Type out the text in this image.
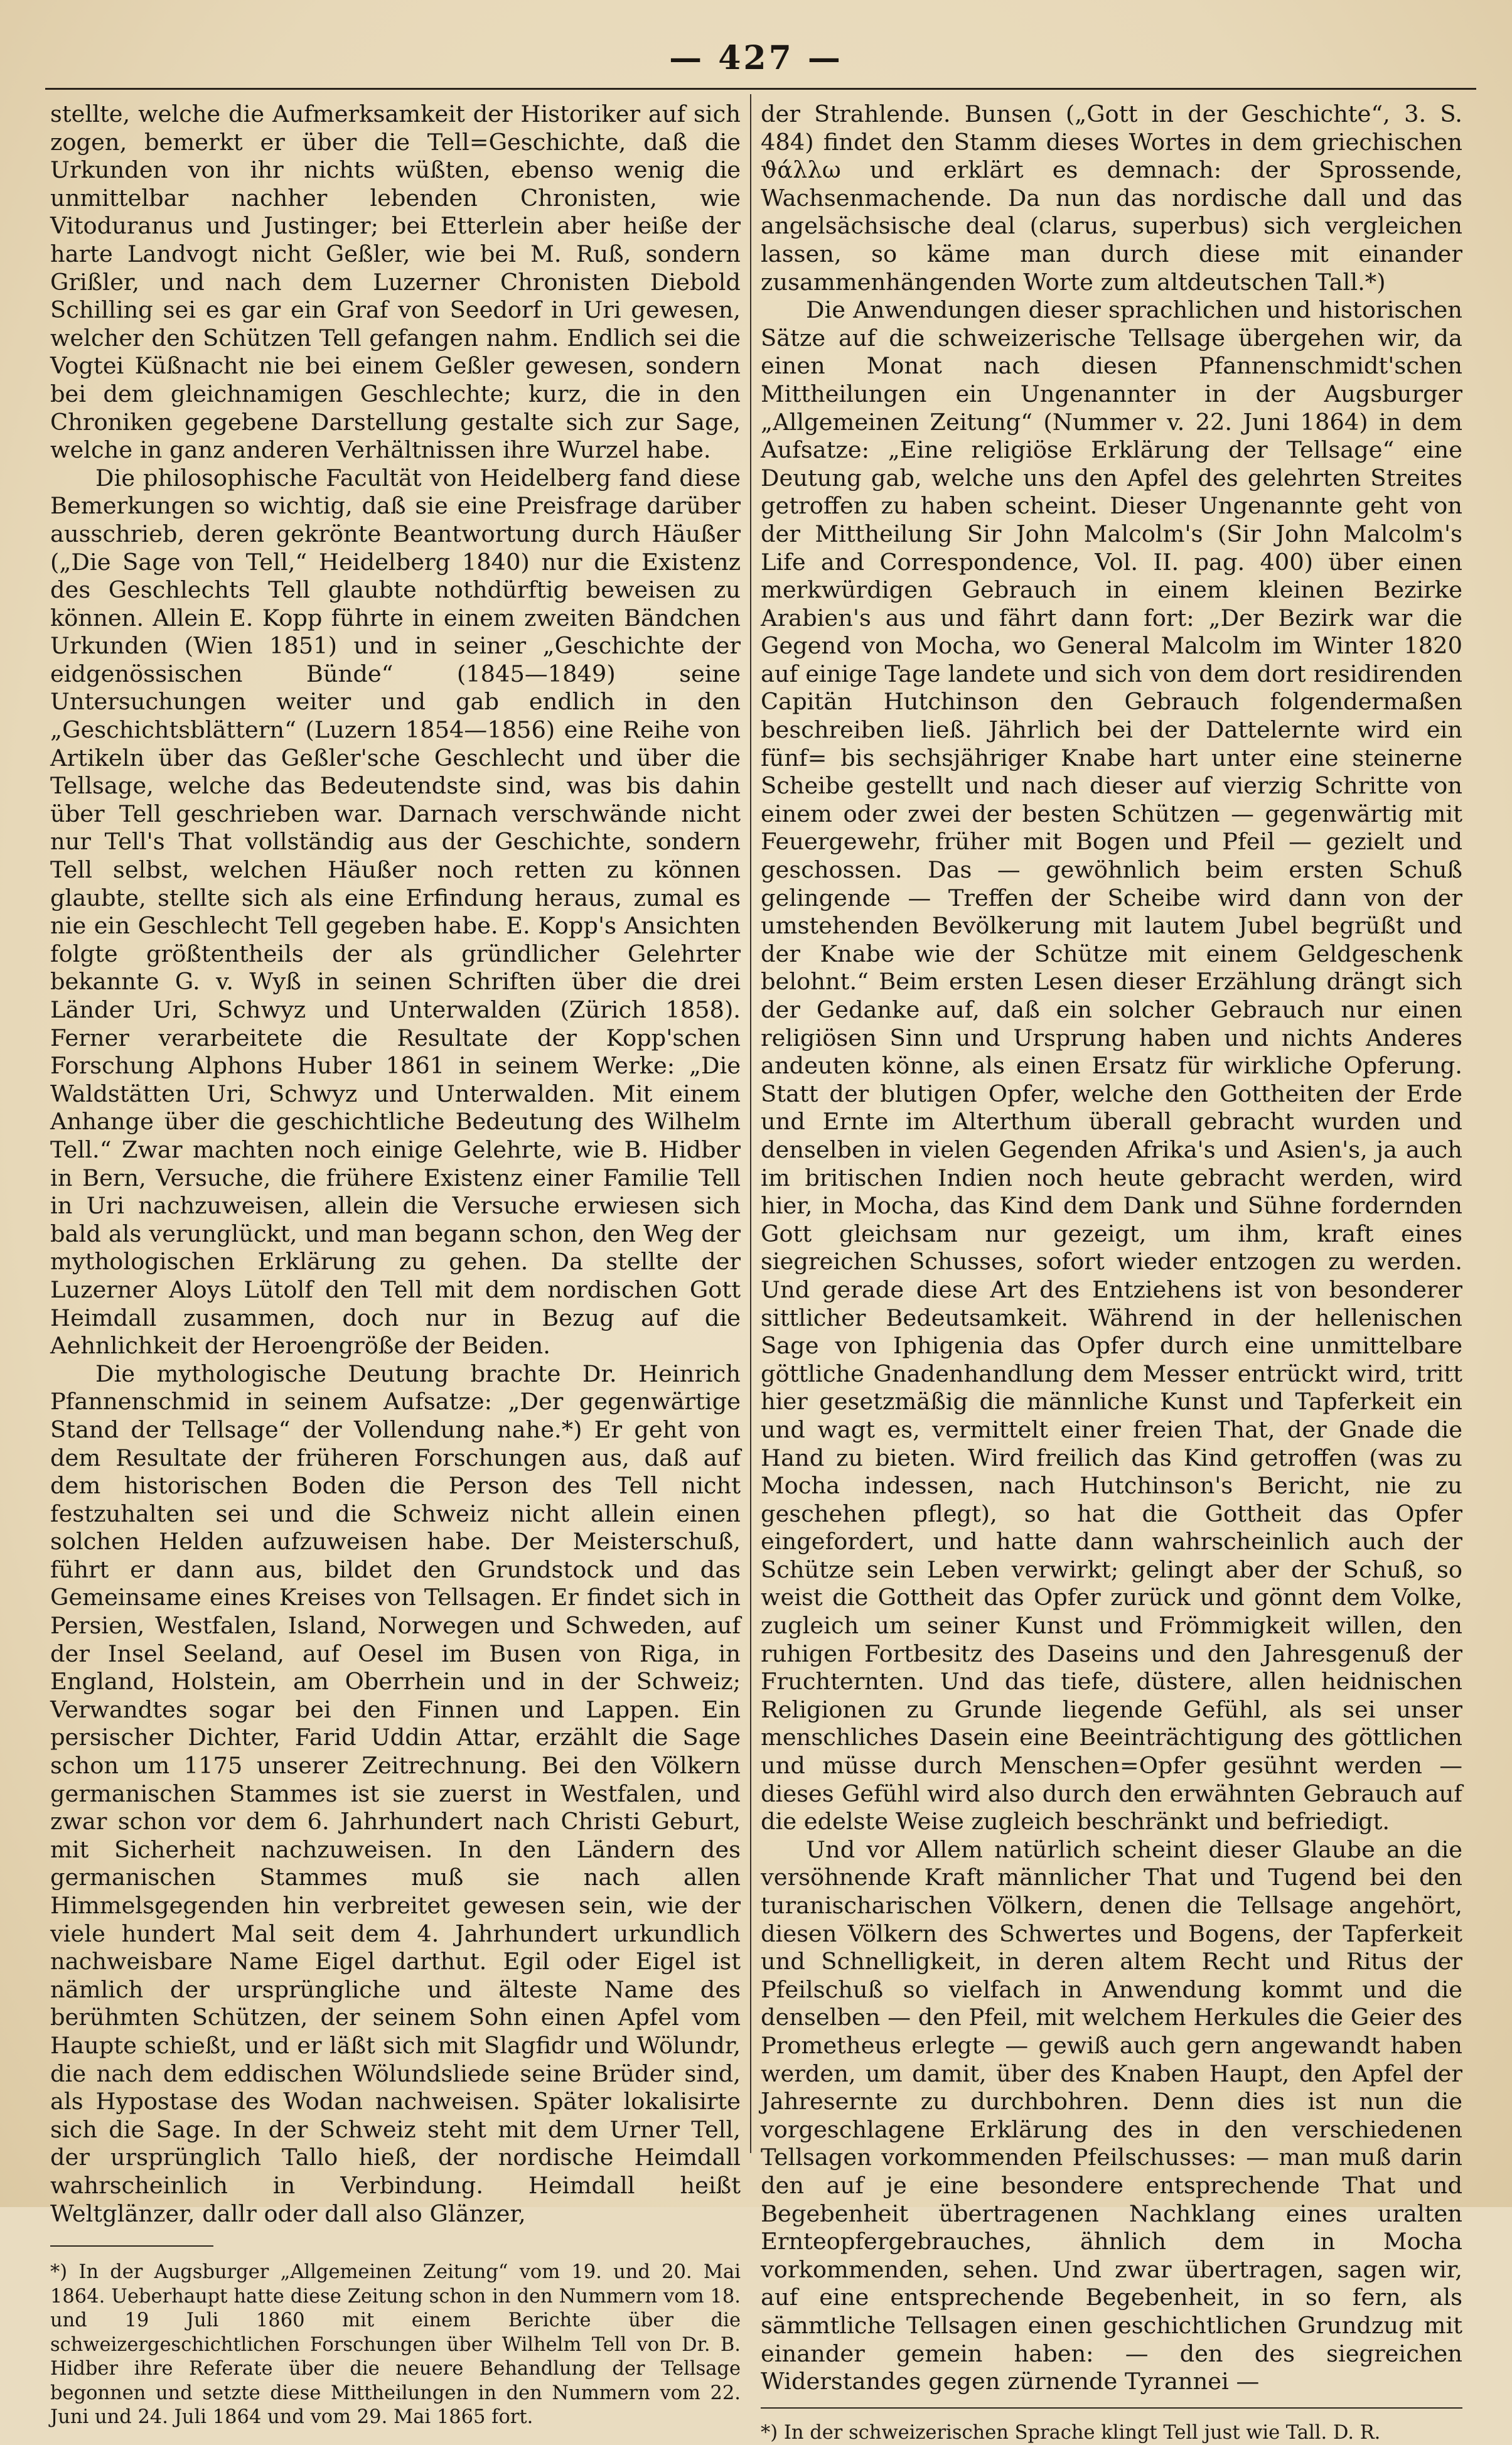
— 427 —

stellte, welche die Aufmerksamkeit der Historiker auf sich zogen, bemerkt er über die Tell=Geschichte, daß die Urkunden von ihr nichts wüßten, ebenso wenig die unmittelbar nachher lebenden Chronisten, wie Vitoduranus und Justinger; bei Etterlein aber heiße der harte Landvogt nicht Geßler, wie bei M. Ruß, sondern Grißler, und nach dem Luzerner Chronisten Diebold Schilling sei es gar ein Graf von Seedorf in Uri gewesen, welcher den Schützen Tell gefangen nahm. Endlich sei die Vogtei Küßnacht nie bei einem Geßler gewesen, sondern bei dem gleichnamigen Geschlechte; kurz, die in den Chroniken gegebene Darstellung gestalte sich zur Sage, welche in ganz anderen Verhältnissen ihre Wurzel habe.

Die philosophische Facultät von Heidelberg fand diese Bemerkungen so wichtig, daß sie eine Preisfrage darüber ausschrieb, deren gekrönte Beantwortung durch Häußer („Die Sage von Tell,“ Heidelberg 1840) nur die Existenz des Geschlechts Tell glaubte nothdürftig beweisen zu können. Allein E. Kopp führte in einem zweiten Bändchen Urkunden (Wien 1851) und in seiner „Geschichte der eidgenössischen Bünde“ (1845—1849) seine Untersuchungen weiter und gab endlich in den „Geschichtsblättern“ (Luzern 1854—1856) eine Reihe von Artikeln über das Geßler'sche Geschlecht und über die Tellsage, welche das Bedeutendste sind, was bis dahin über Tell geschrieben war. Darnach verschwände nicht nur Tell's That vollständig aus der Geschichte, sondern Tell selbst, welchen Häußer noch retten zu können glaubte, stellte sich als eine Erfindung heraus, zumal es nie ein Geschlecht Tell gegeben habe. E. Kopp's Ansichten folgte größtentheils der als gründlicher Gelehrter bekannte G. v. Wyß in seinen Schriften über die drei Länder Uri, Schwyz und Unterwalden (Zürich 1858). Ferner verarbeitete die Resultate der Kopp'schen Forschung Alphons Huber 1861 in seinem Werke: „Die Waldstätten Uri, Schwyz und Unterwalden. Mit einem Anhange über die geschichtliche Bedeutung des Wilhelm Tell.“ Zwar machten noch einige Gelehrte, wie B. Hidber in Bern, Versuche, die frühere Existenz einer Familie Tell in Uri nachzuweisen, allein die Versuche erwiesen sich bald als verunglückt, und man begann schon, den Weg der mythologischen Erklärung zu gehen. Da stellte der Luzerner Aloys Lütolf den Tell mit dem nordischen Gott Heimdall zusammen, doch nur in Bezug auf die Aehnlichkeit der Heroengröße der Beiden.

Die mythologische Deutung brachte Dr. Heinrich Pfannenschmid in seinem Aufsatze: „Der gegenwärtige Stand der Tellsage“ der Vollendung nahe.*) Er geht von dem Resultate der früheren Forschungen aus, daß auf dem historischen Boden die Person des Tell nicht festzuhalten sei und die Schweiz nicht allein einen solchen Helden aufzuweisen habe. Der Meisterschuß, führt er dann aus, bildet den Grundstock und das Gemeinsame eines Kreises von Tellsagen. Er findet sich in Persien, Westfalen, Island, Norwegen und Schweden, auf der Insel Seeland, auf Oesel im Busen von Riga, in England, Holstein, am Oberrhein und in der Schweiz; Verwandtes sogar bei den Finnen und Lappen. Ein persischer Dichter, Farid Uddin Attar, erzählt die Sage schon um 1175 unserer Zeitrechnung. Bei den Völkern germanischen Stammes ist sie zuerst in Westfalen, und zwar schon vor dem 6. Jahrhundert nach Christi Geburt, mit Sicherheit nachzuweisen. In den Ländern des germanischen Stammes muß sie nach allen Himmelsgegenden hin verbreitet gewesen sein, wie der viele hundert Mal seit dem 4. Jahrhundert urkundlich nachweisbare Name Eigel darthut. Egil oder Eigel ist nämlich der ursprüngliche und älteste Name des berühmten Schützen, der seinem Sohn einen Apfel vom Haupte schießt, und er läßt sich mit Slagfidr und Wölundr, die nach dem eddischen Wölundsliede seine Brüder sind, als Hypostase des Wodan nachweisen. Später lokalisirte sich die Sage. In der Schweiz steht mit dem Urner Tell, der ursprünglich Tallo hieß, der nordische Heimdall wahrscheinlich in Verbindung. Heimdall heißt Weltglänzer, dallr oder dall also Glänzer,

*) In der Augsburger „Allgemeinen Zeitung“ vom 19. und 20. Mai 1864. Ueberhaupt hatte diese Zeitung schon in den Nummern vom 18. und 19 Juli 1860 mit einem Berichte über die schweizergeschichtlichen Forschungen über Wilhelm Tell von Dr. B. Hidber ihre Referate über die neuere Behandlung der Tellsage begonnen und setzte diese Mittheilungen in den Nummern vom 22. Juni und 24. Juli 1864 und vom 29. Mai 1865 fort.

der Strahlende. Bunsen („Gott in der Geschichte“, 3. S. 484) findet den Stamm dieses Wortes in dem griechischen ϑάλλω und erklärt es demnach: der Sprossende, Wachsenmachende. Da nun das nordische dall und das angelsächsische deal (clarus, superbus) sich vergleichen lassen, so käme man durch diese mit einander zusammenhängenden Worte zum altdeutschen Tall.*)

Die Anwendungen dieser sprachlichen und historischen Sätze auf die schweizerische Tellsage übergehen wir, da einen Monat nach diesen Pfannenschmidt'schen Mittheilungen ein Ungenannter in der Augsburger „Allgemeinen Zeitung“ (Nummer v. 22. Juni 1864) in dem Aufsatze: „Eine religiöse Erklärung der Tellsage“ eine Deutung gab, welche uns den Apfel des gelehrten Streites getroffen zu haben scheint. Dieser Ungenannte geht von der Mittheilung Sir John Malcolm's (Sir John Malcolm's Life and Correspondence, Vol. II. pag. 400) über einen merkwürdigen Gebrauch in einem kleinen Bezirke Arabien's aus und fährt dann fort: „Der Bezirk war die Gegend von Mocha, wo General Malcolm im Winter 1820 auf einige Tage landete und sich von dem dort residirenden Capitän Hutchinson den Gebrauch folgendermaßen beschreiben ließ. Jährlich bei der Dattelernte wird ein fünf= bis sechsjähriger Knabe hart unter eine steinerne Scheibe gestellt und nach dieser auf vierzig Schritte von einem oder zwei der besten Schützen — gegenwärtig mit Feuergewehr, früher mit Bogen und Pfeil — gezielt und geschossen. Das — gewöhnlich beim ersten Schuß gelingende — Treffen der Scheibe wird dann von der umstehenden Bevölkerung mit lautem Jubel begrüßt und der Knabe wie der Schütze mit einem Geldgeschenk belohnt.“ Beim ersten Lesen dieser Erzählung drängt sich der Gedanke auf, daß ein solcher Gebrauch nur einen religiösen Sinn und Ursprung haben und nichts Anderes andeuten könne, als einen Ersatz für wirkliche Opferung. Statt der blutigen Opfer, welche den Gottheiten der Erde und Ernte im Alterthum überall gebracht wurden und denselben in vielen Gegenden Afrika's und Asien's, ja auch im britischen Indien noch heute gebracht werden, wird hier, in Mocha, das Kind dem Dank und Sühne fordernden Gott gleichsam nur gezeigt, um ihm, kraft eines siegreichen Schusses, sofort wieder entzogen zu werden. Und gerade diese Art des Entziehens ist von besonderer sittlicher Bedeutsamkeit. Während in der hellenischen Sage von Iphigenia das Opfer durch eine unmittelbare göttliche Gnadenhandlung dem Messer entrückt wird, tritt hier gesetzmäßig die männliche Kunst und Tapferkeit ein und wagt es, vermittelt einer freien That, der Gnade die Hand zu bieten. Wird freilich das Kind getroffen (was zu Mocha indessen, nach Hutchinson's Bericht, nie zu geschehen pflegt), so hat die Gottheit das Opfer eingefordert, und hatte dann wahrscheinlich auch der Schütze sein Leben verwirkt; gelingt aber der Schuß, so weist die Gottheit das Opfer zurück und gönnt dem Volke, zugleich um seiner Kunst und Frömmigkeit willen, den ruhigen Fortbesitz des Daseins und den Jahresgenuß der Fruchternten. Und das tiefe, düstere, allen heidnischen Religionen zu Grunde liegende Gefühl, als sei unser menschliches Dasein eine Beeinträchtigung des göttlichen und müsse durch Menschen=Opfer gesühnt werden — dieses Gefühl wird also durch den erwähnten Gebrauch auf die edelste Weise zugleich beschränkt und befriedigt.

Und vor Allem natürlich scheint dieser Glaube an die versöhnende Kraft männlicher That und Tugend bei den turanischarischen Völkern, denen die Tellsage angehört, diesen Völkern des Schwertes und Bogens, der Tapferkeit und Schnelligkeit, in deren altem Recht und Ritus der Pfeilschuß so vielfach in Anwendung kommt und die denselben — den Pfeil, mit welchem Herkules die Geier des Prometheus erlegte — gewiß auch gern angewandt haben werden, um damit, über des Knaben Haupt, den Apfel der Jahresernte zu durchbohren. Denn dies ist nun die vorgeschlagene Erklärung des in den verschiedenen Tellsagen vorkommenden Pfeilschusses: — man muß darin den auf je eine besondere entsprechende That und Begebenheit übertragenen Nachklang eines uralten Ernteopfergebrauches, ähnlich dem in Mocha vorkommenden, sehen. Und zwar übertragen, sagen wir, auf eine entsprechende Begebenheit, in so fern, als sämmtliche Tellsagen einen geschichtlichen Grundzug mit einander gemein haben: — den des siegreichen Widerstandes gegen zürnende Tyrannei —

*) In der schweizerischen Sprache klingt Tell just wie Tall. D. R.
